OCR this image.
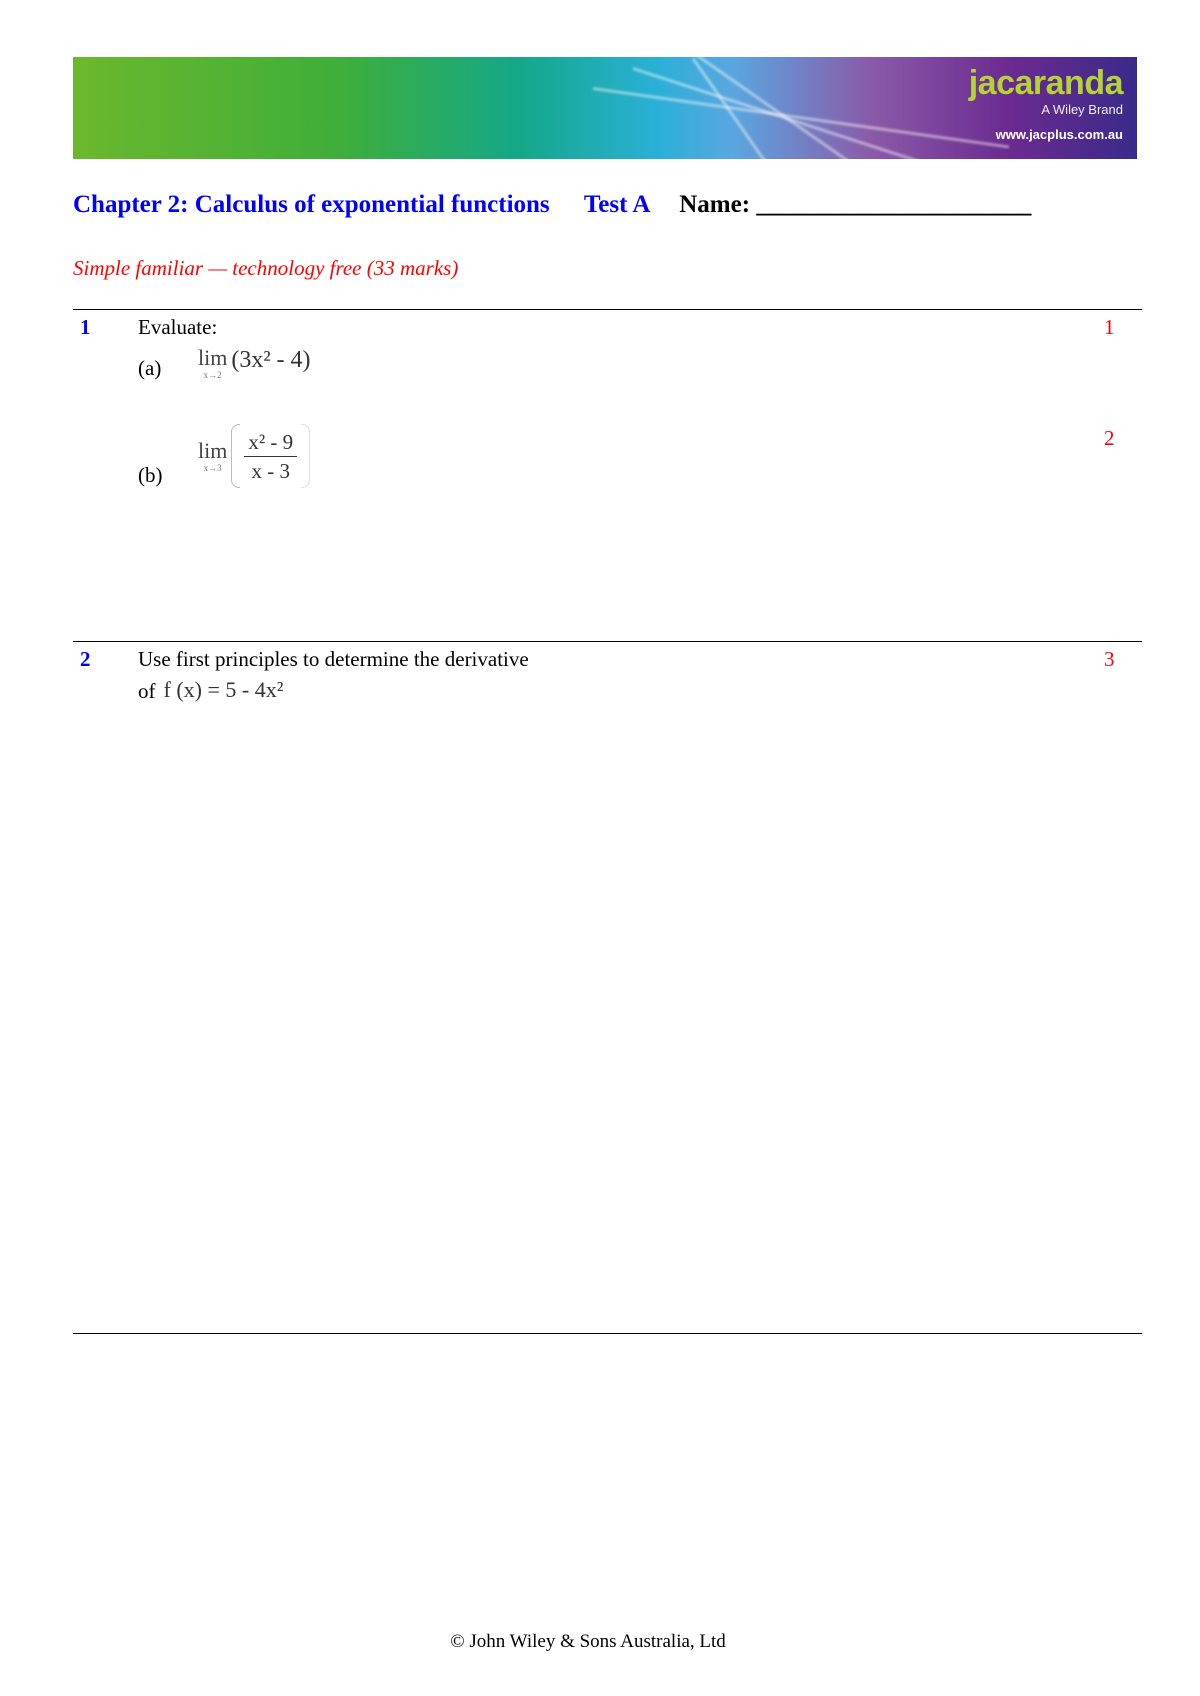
jacaranda
A Wiley Brand
www.jacplus.com.au
Chapter 2: Calculus of exponential functions Test A Name: ______________________
Simple familiar — technology free (33 marks)
1 Evaluate:	1
(a)	lim
x→2
(3x² - 4)
2
(b)
lim
$x\to 3 \frac{\text{x² - 9}}{x - 3}$
2 Use first principles to determine the derivative	3
of f (x) = 5 - 4x²
© John Wiley & Sons Australia, Ltd
